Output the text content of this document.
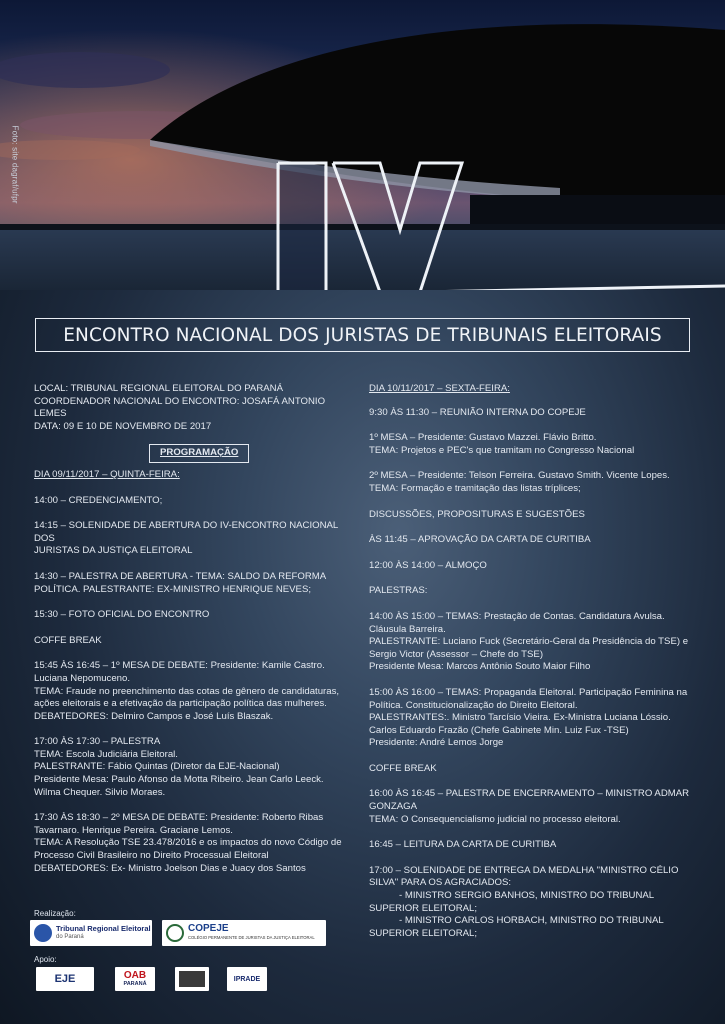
Foto: site dagraf/ufpr
ENCONTRO NACIONAL DOS JURISTAS DE TRIBUNAIS ELEITORAIS
LOCAL: TRIBUNAL REGIONAL ELEITORAL DO PARANÁ
COORDENADOR NACIONAL DO ENCONTRO: JOSAFÁ ANTONIO LEMES
DATA: 09 E 10 DE NOVEMBRO DE 2017
PROGRAMAÇÃO

DIA 09/11/2017 – QUINTA-FEIRA:

14:00 – CREDENCIAMENTO;

14:15 – SOLENIDADE DE ABERTURA DO IV-ENCONTRO NACIONAL DOS
JURISTAS DA JUSTIÇA ELEITORAL

14:30 – PALESTRA DE ABERTURA - TEMA: SALDO DA REFORMA
POLÍTICA. PALESTRANTE: EX-MINISTRO HENRIQUE NEVES;

15:30 – FOTO OFICIAL DO ENCONTRO

COFFE BREAK

15:45 ÀS 16:45 – 1º MESA DE DEBATE: Presidente: Kamile Castro.
Luciana Nepomuceno.
TEMA: Fraude no preenchimento das cotas de gênero de candidaturas,
ações eleitorais e a efetivação da participação política das mulheres.
DEBATEDORES: Delmiro Campos e José Luís Blaszak.

17:00 ÀS 17:30 – PALESTRA
TEMA: Escola Judiciária Eleitoral.
PALESTRANTE: Fábio Quintas (Diretor da EJE-Nacional)
Presidente Mesa: Paulo Afonso da Motta Ribeiro. Jean Carlo Leeck.
Wilma Chequer. Silvio Moraes.

17:30 ÀS 18:30 – 2º MESA DE DEBATE: Presidente: Roberto Ribas
Tavarnaro. Henrique Pereira. Graciane Lemos.
TEMA: A Resolução TSE 23.478/2016 e os impactos do novo Código de
Processo Civil Brasileiro no Direito Processual Eleitoral
DEBATEDORES: Ex- Ministro Joelson Dias e Juacy dos Santos

DIA 10/11/2017 – SEXTA-FEIRA:

9:30 ÀS 11:30 – REUNIÃO INTERNA DO COPEJE

1º MESA – Presidente: Gustavo Mazzei. Flávio Britto.
TEMA: Projetos e PEC's que tramitam no Congresso Nacional

2º MESA – Presidente: Telson Ferreira. Gustavo Smith. Vicente Lopes.
TEMA: Formação e tramitação das listas tríplices;

DISCUSSÕES, PROPOSITURAS E SUGESTÕES

ÀS 11:45 – APROVAÇÃO DA CARTA DE CURITIBA

12:00 ÀS 14:00 – ALMOÇO

PALESTRAS:

14:00 ÀS 15:00 – TEMAS: Prestação de Contas. Candidatura Avulsa.
Cláusula Barreira.
PALESTRANTE: Luciano Fuck (Secretário-Geral da Presidência do TSE) e
Sergio Victor (Assessor – Chefe do TSE)
Presidente Mesa: Marcos Antônio Souto Maior Filho

15:00 ÀS 16:00 – TEMAS: Propaganda Eleitoral. Participação Feminina na
Política. Constitucionalização do Direito Eleitoral.
PALESTRANTES:. Ministro Tarcísio Vieira. Ex-Ministra Luciana Lóssio.
Carlos Eduardo Frazão (Chefe Gabinete Min. Luiz Fux -TSE)
Presidente: André Lemos Jorge

COFFE BREAK

16:00 ÀS 16:45 – PALESTRA DE ENCERRAMENTO – MINISTRO ADMAR
GONZAGA
TEMA: O Consequencialismo judicial no processo eleitoral.

16:45 – LEITURA DA CARTA DE CURITIBA

17:00 – SOLENIDADE DE ENTREGA DA MEDALHA "MINISTRO CÉLIO
SILVA" PARA OS AGRACIADOS:
- MINISTRO SERGIO BANHOS, MINISTRO DO TRIBUNAL
SUPERIOR ELEITORAL;
- MINISTRO CARLOS HORBACH, MINISTRO DO TRIBUNAL
SUPERIOR ELEITORAL;

Realização:
Tribunal Regional Eleitoral
do Paraná
COPEJE
COLÉGIO PERMANENTE DE JURISTAS DA JUSTIÇA ELEITORAL
Apoio:
EJE	OAB
PARANÁ
IPRADE
